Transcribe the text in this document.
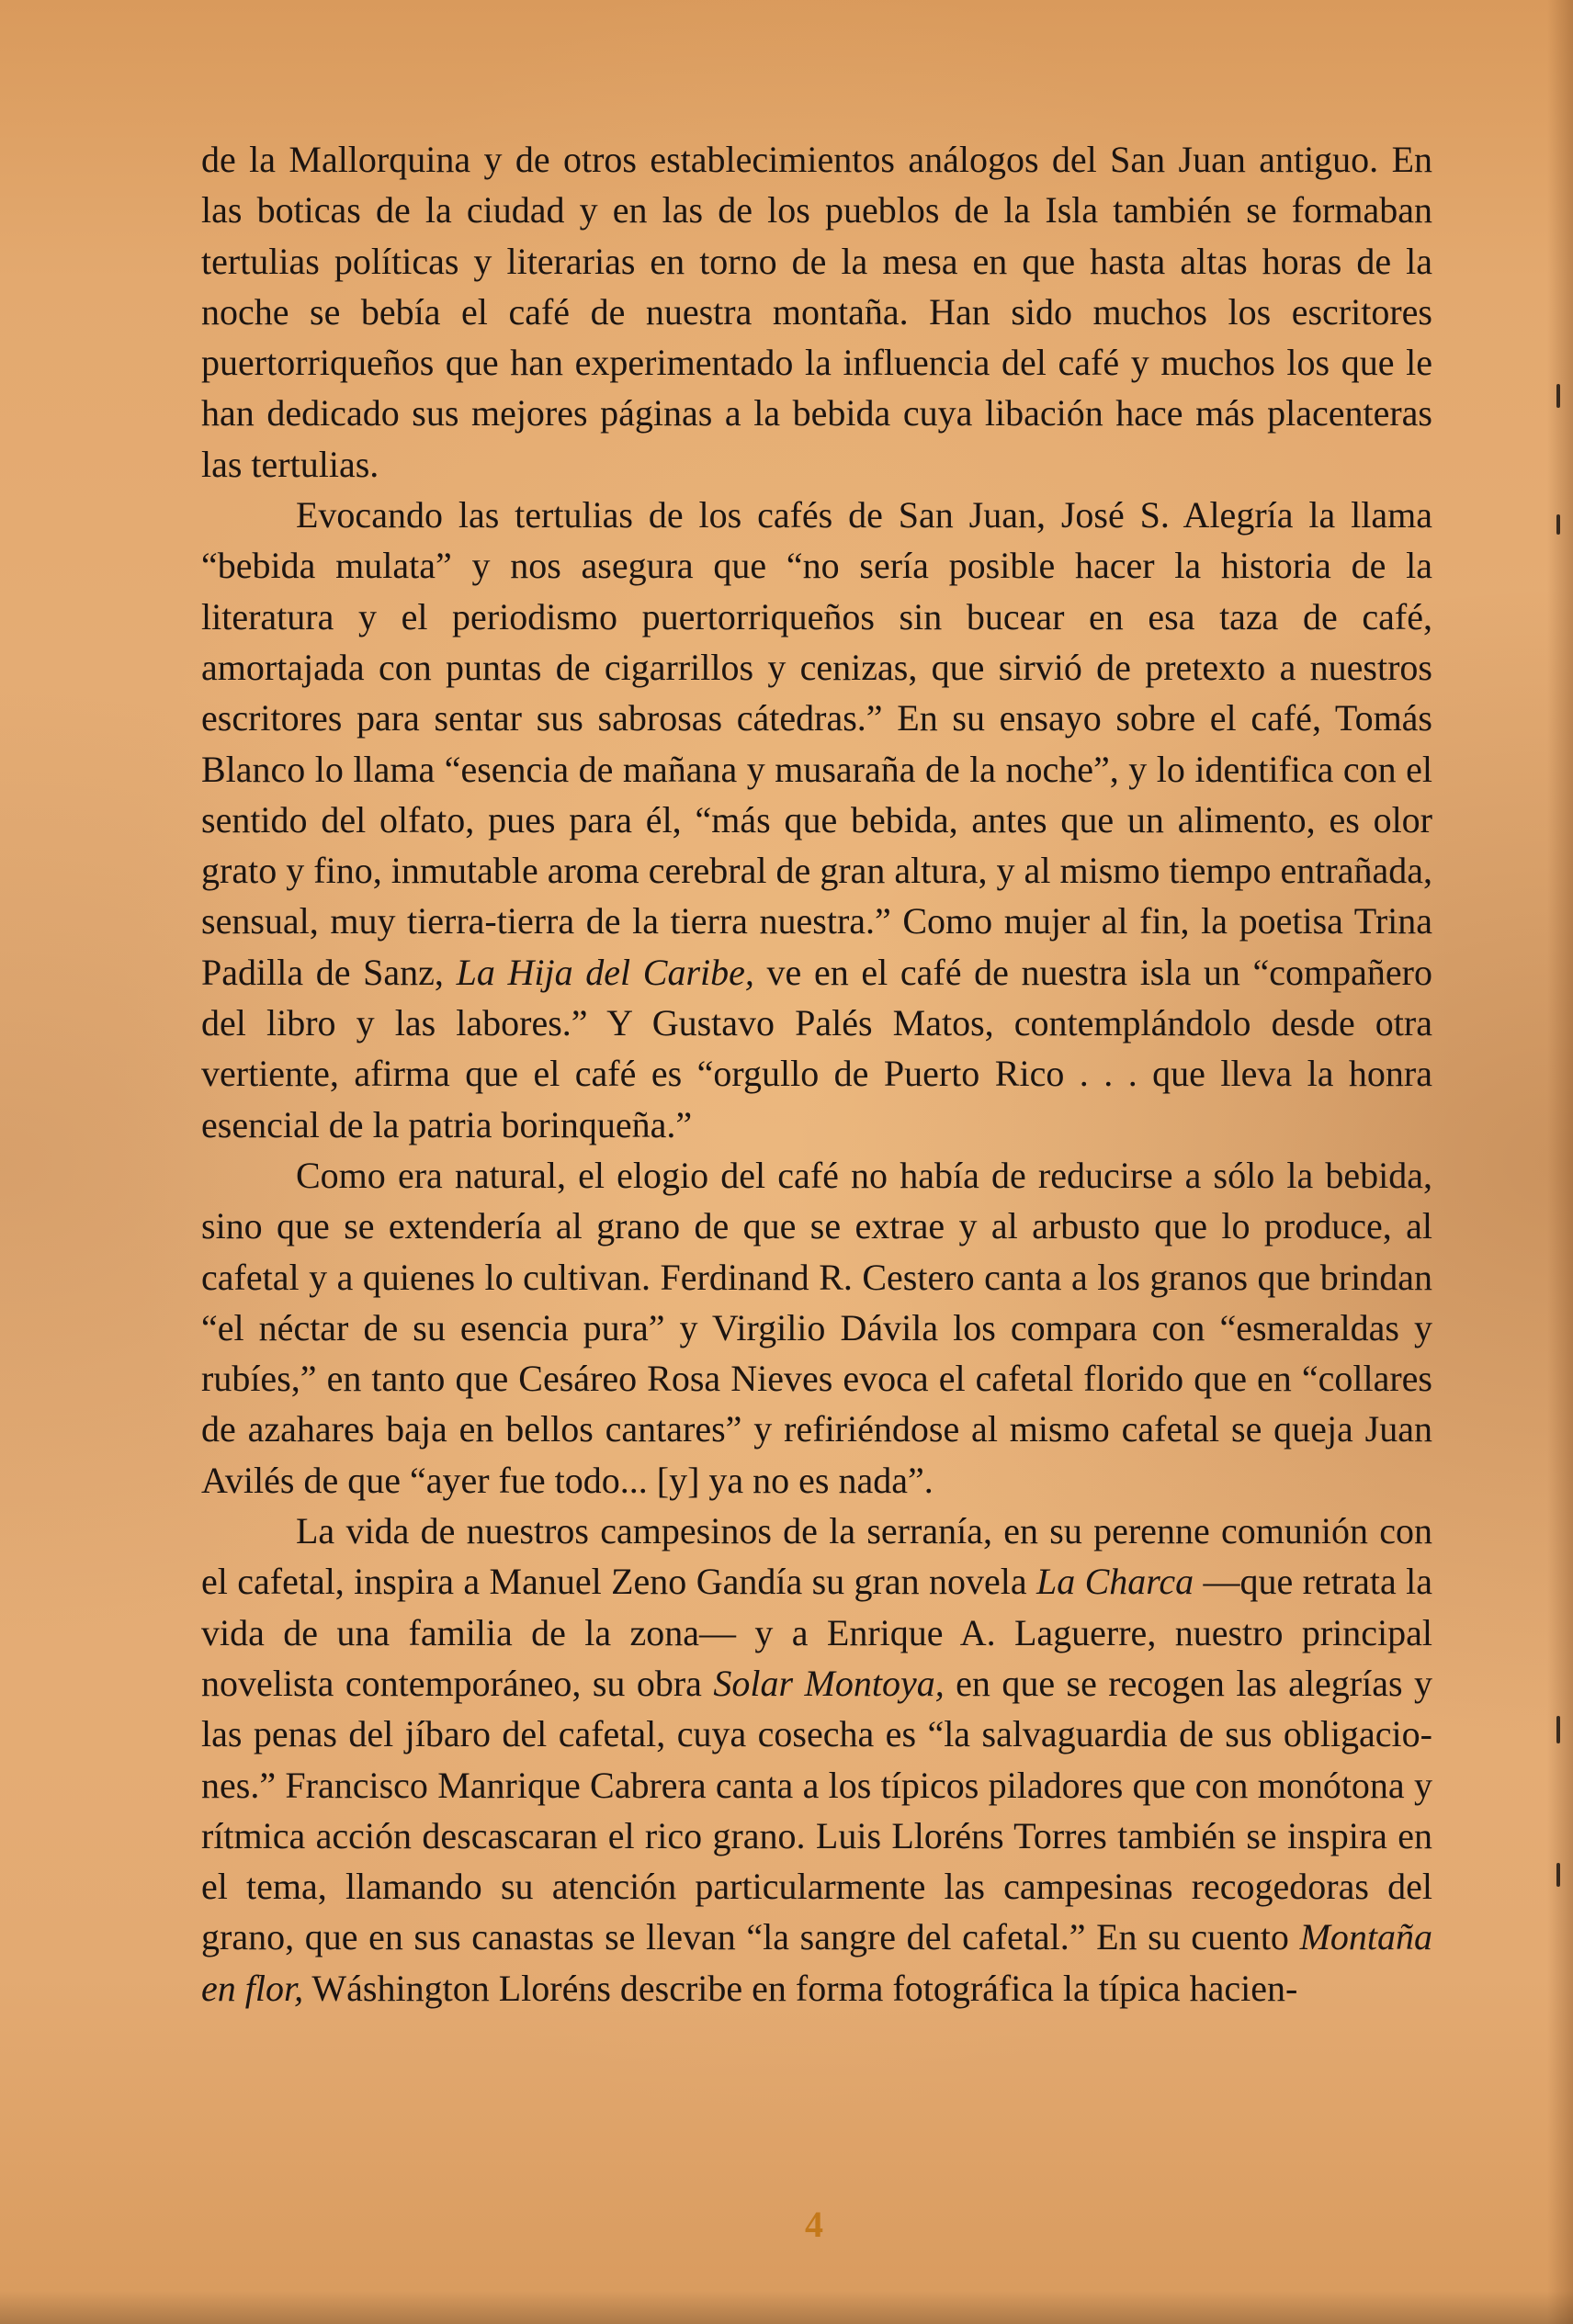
de la Mallorquina y de otros establecimientos análogos del San Juan antiguo. En las boticas de la ciudad y en las de los pueblos de la Isla también se formaban tertulias políticas y literarias en torno de la mesa en que hasta altas horas de la noche se bebía el café de nuestra montaña. Han sido muchos los escritores puertorriqueños que han experimentado la influencia del café y muchos los que le han dedicado sus mejores páginas a la bebida cuya libación hace más placenteras las tertulias.

Evocando las tertulias de los cafés de San Juan, José S. Alegría la llama “bebida mulata” y nos asegura que “no sería posible hacer la historia de la literatura y el periodismo puertorriqueños sin bucear en esa taza de café, amortajada con puntas de cigarrillos y cenizas, que sirvió de pretexto a nuestros escritores para sentar sus sabrosas cátedras.” En su ensayo sobre el café, Tomás Blanco lo llama “esencia de mañana y musaraña de la noche”, y lo identifica con el sentido del olfato, pues para él, “más que bebida, antes que un alimento, es olor grato y fino, inmutable aroma cerebral de gran altura, y al mismo tiempo entrañada, sensual, muy tierra-tierra de la tierra nuestra.” Como mujer al fin, la poetisa Trina Padilla de Sanz, La Hija del Caribe, ve en el café de nuestra isla un “compañero del libro y las labores.” Y Gustavo Palés Matos, contemplándolo desde otra vertiente, afirma que el café es “orgullo de Puerto Rico . . . que lleva la honra esencial de la patria borinqueña.”

Como era natural, el elogio del café no había de reducirse a sólo la bebida, sino que se extendería al grano de que se extrae y al arbusto que lo produce, al cafetal y a quienes lo cultivan. Ferdinand R. Cestero canta a los granos que brindan “el néctar de su esencia pura” y Virgilio Dávila los compara con “esmeraldas y rubíes,” en tanto que Cesáreo Rosa Nieves evoca el cafetal florido que en “collares de azahares baja en bellos cantares” y refiriéndose al mismo cafetal se queja Juan Avilés de que “ayer fue todo... [y] ya no es nada”.

La vida de nuestros campesinos de la serranía, en su perenne comunión con el cafetal, inspira a Manuel Zeno Gandía su gran novela La Charca —que retrata la vida de una familia de la zona— y a Enrique A. Laguerre, nuestro principal novelista contemporáneo, su obra Solar Montoya, en que se recogen las alegrías y las penas del jíbaro del cafetal, cuya cosecha es “la salvaguardia de sus obligaciones.” Francisco Manrique Cabrera canta a los típicos piladores que con monótona y rítmica acción descascaran el rico grano. Luis Lloréns Torres también se inspira en el tema, llamando su atención particularmente las campesinas recogedoras del grano, que en sus canastas se llevan “la sangre del cafetal.” En su cuento Montaña en flor, Wáshington Lloréns describe en forma fotográfica la típica hacien-

4
